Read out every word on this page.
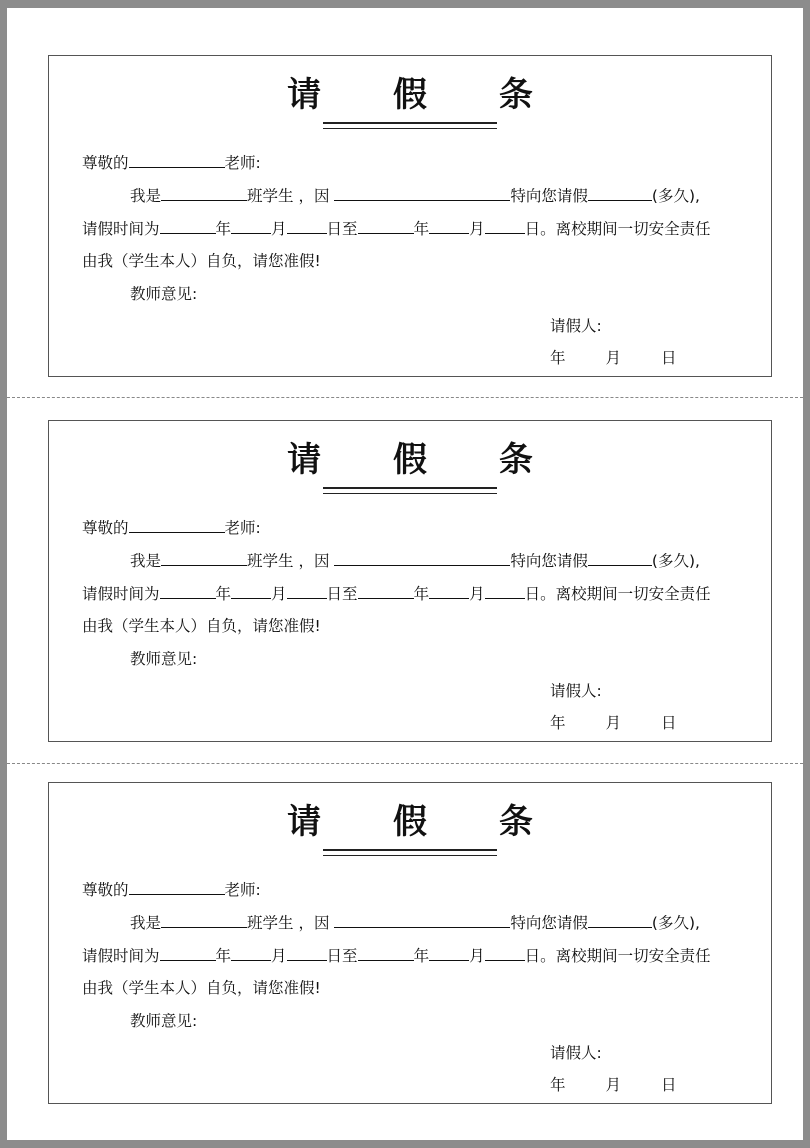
请 假 条
尊敬的	老师:
我是	班学生 ，因	特向您请假	(多久),
请假时间为	年	月	日至	年	月	日。离校期间一切安全责任
由我（学生本人）自负，请您准假!
教师意见:
请假人:
年	月	日
请 假 条
尊敬的	老师:
我是	班学生 ，因	特向您请假	(多久),
请假时间为	年	月	日至	年	月	日。离校期间一切安全责任
由我（学生本人）自负，请您准假!
教师意见:
请假人:
年	月	日
请 假 条
尊敬的	老师:
我是	班学生 ，因	特向您请假	(多久),
请假时间为	年	月	日至	年	月	日。离校期间一切安全责任
由我（学生本人）自负，请您准假!
教师意见:
请假人:
年	月	日
